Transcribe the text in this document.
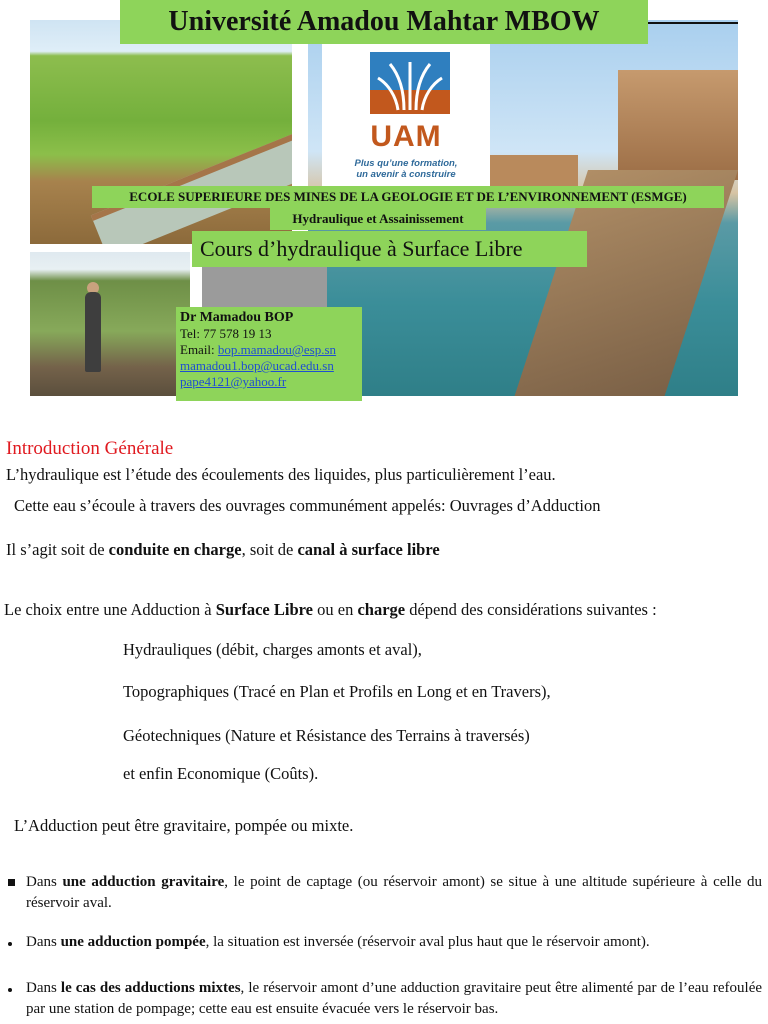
UAM
Plus qu’une formation,
un avenir à construire
Université Amadou Mahtar MBOW
ECOLE SUPERIEURE DES MINES DE LA GEOLOGIE ET DE L’ENVIRONNEMENT (ESMGE)
Hydraulique et Assainissement
Cours d’hydraulique à Surface Libre
Dr Mamadou BOP
Tel: 77 578 19 13
Email: bop.mamadou@esp.sn
mamadou1.bop@ucad.edu.sn
pape4121@yahoo.fr
Introduction Générale
L’hydraulique est l’étude des écoulements des liquides, plus particulièrement l’eau.
Cette eau s’écoule à travers des ouvrages communément appelés: Ouvrages d’Adduction
Il s’agit soit de conduite en charge, soit de canal à surface libre
Le choix entre une Adduction à Surface Libre ou en charge dépend des considérations suivantes :
Hydrauliques (débit, charges amonts et aval),
Topographiques (Tracé en Plan et Profils en Long et en Travers),
Géotechniques (Nature et Résistance des Terrains à traversés)
et enfin Economique (Coûts).
L’Adduction peut être gravitaire, pompée ou mixte.
Dans une adduction gravitaire, le point de captage (ou réservoir amont) se situe à une altitude supérieure à celle du réservoir aval.
Dans une adduction pompée, la situation est inversée (réservoir aval plus haut que le réservoir amont).
Dans le cas des adductions mixtes, le réservoir amont d’une adduction gravitaire peut être alimenté par de l’eau refoulée par une station de pompage; cette eau est ensuite évacuée vers le réservoir bas.
